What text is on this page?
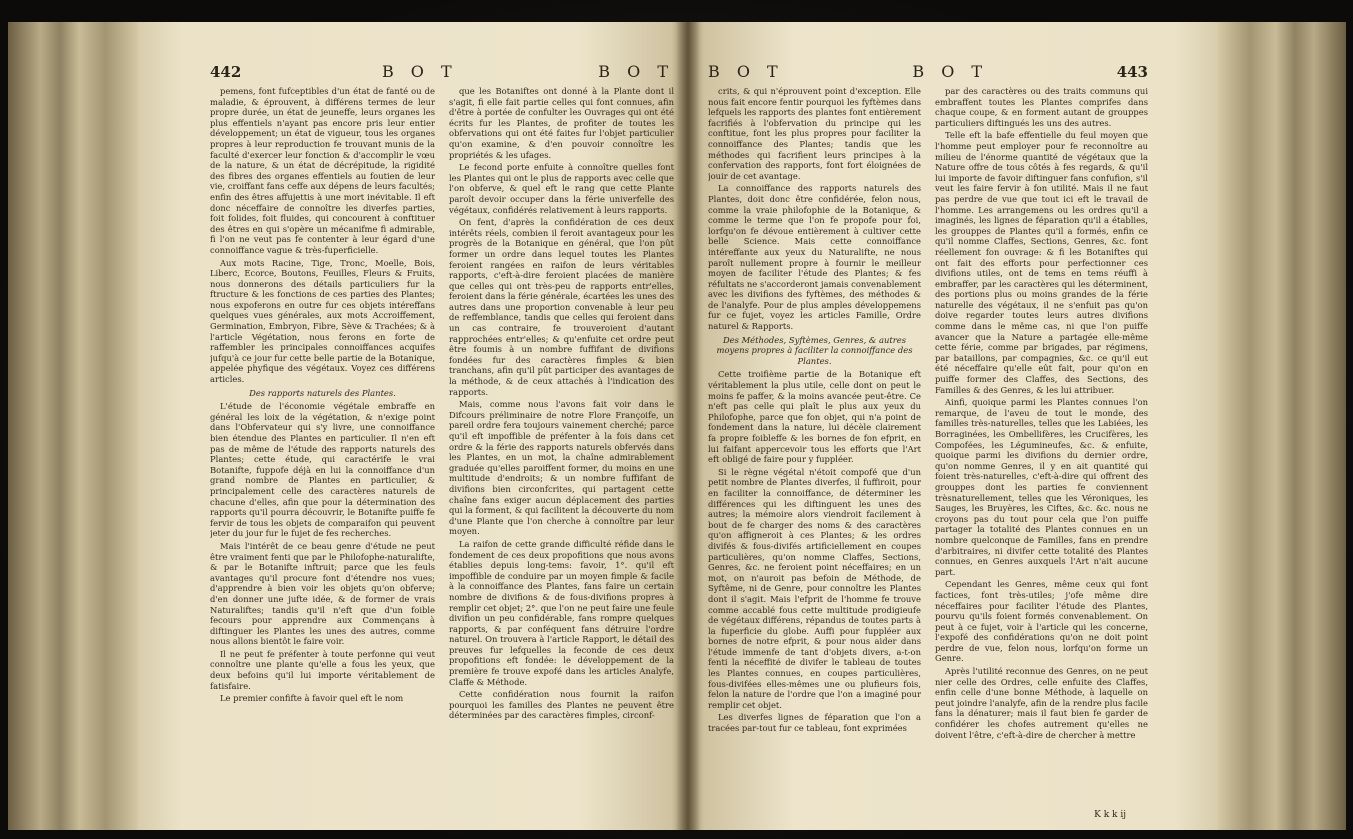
442	B O T	B O T

pemens, font fufceptibles d'un état de fanté ou de maladie, & éprouvent, à différens termes de leur propre durée, un état de jeuneffe, leurs organes les plus effentiels n'ayant pas encore pris leur entier développement; un état de vigueur, tous les organes propres à leur reproduction fe trouvant munis de la faculté d'exercer leur fonction & d'accomplir le vœu de la nature, & un état de décrépitude, la rigidité des fibres des organes effentiels au foutien de leur vie, croiffant fans ceffe aux dépens de leurs facultés; enfin des êtres affujettis à une mort inévitable. Il eft donc néceffaire de connoître les diverfes parties, foit folides, foit fluides, qui concourent à conftituer des êtres en qui s'opère un mécanifme fi admirable, fi l'on ne veut pas fe contenter à leur égard d'une connoiffance vague & très-fuperficielle.

Aux mots Racine, Tige, Tronc, Moelle, Bois, Liberc, Ecorce, Boutons, Feuilles, Fleurs & Fruits, nous donnerons des détails particuliers fur la ftructure & les fonctions de ces parties des Plantes; nous expoferons en outre fur ces objets intéreffans quelques vues générales, aux mots Accroiffement, Germination, Embryon, Fibre, Sève & Trachées; & à l'article Végétation, nous ferons en forte de raffembler les principales connoiffances acquifes jufqu'à ce jour fur cette belle partie de la Botanique, appelée phyfique des végétaux. Voyez ces différens articles.

Des rapports naturels des Plantes.

L'étude de l'économie végétale embraffe en général les loix de la végétation, & n'exige point dans l'Obfervateur qui s'y livre, une connoiffance bien étendue des Plantes en particulier. Il n'en eft pas de même de l'étude des rapports naturels des Plantes; cette étude, qui caractérife le vrai Botanifte, fuppofe déjà en lui la connoiffance d'un grand nombre de Plantes en particulier, & principalement celle des caractères naturels de chacune d'elles, afin que pour la détermination des rapports qu'il pourra découvrir, le Botanifte puiffe fe fervir de tous les objets de comparaifon qui peuvent jeter du jour fur le fujet de fes recherches.

Mais l'intérêt de ce beau genre d'étude ne peut être vraiment fenti que par le Philofophe-naturalifte, & par le Botanifte inftruit; parce que les feuls avantages qu'il procure font d'étendre nos vues; d'apprendre à bien voir les objets qu'on obferve; d'en donner une jufte idée, & de former de vrais Naturaliftes; tandis qu'il n'eft que d'un foible fecours pour apprendre aux Commençans à diftinguer les Plantes les unes des autres, comme nous allons bientôt le faire voir.

Il ne peut fe préfenter à toute perfonne qui veut connoître une plante qu'elle a fous les yeux, que deux befoins qu'il lui importe véritablement de fatisfaire.

Le premier confifte à favoir quel eft le nom

que les Botaniftes ont donné à la Plante dont il s'agit, fi elle fait partie celles qui font connues, afin d'être à portée de confulter les Ouvrages qui ont été écrits fur les Plantes, de profiter de toutes les obfervations qui ont été faites fur l'objet particulier qu'on examine, & d'en pouvoir connoître les propriétés & les ufages.

Le fecond porte enfuite à connoître quelles font les Plantes qui ont le plus de rapports avec celle que l'on obferve, & quel eft le rang que cette Plante paroît devoir occuper dans la férie univerfelle des végétaux, confidérés relativement à leurs rapports.

On fent, d'après la confidération de ces deux intérêts réels, combien il feroit avantageux pour les progrès de la Botanique en général, que l'on pût former un ordre dans lequel toutes les Plantes feroient rangées en raifon de leurs véritables rapports, c'eft-à-dire feroient placées de manière que celles qui ont très-peu de rapports entr'elles, feroient dans la férie générale, écartées les unes des autres dans une proportion convenable à leur peu de reffemblance, tandis que celles qui feroient dans un cas contraire, fe trouveroient d'autant rapprochées entr'elles; & qu'enfuite cet ordre peut être foumis à un nombre fuffifant de divifions fondées fur des caractères fimples & bien tranchans, afin qu'il pût participer des avantages de la méthode, & de ceux attachés à l'indication des rapports.

Mais, comme nous l'avons fait voir dans le Difcours préliminaire de notre Flore Françoife, un pareil ordre fera toujours vainement cherché; parce qu'il eft impoffible de préfenter à la fois dans cet ordre & la férie des rapports naturels obfervés dans les Plantes, en un mot, la chaîne admirablement graduée qu'elles paroiffent former, du moins en une multitude d'endroits; & un nombre fuffifant de divifions bien circonfcrites, qui partagent cette chaîne fans exiger aucun déplacement des parties qui la forment, & qui facilitent la découverte du nom d'une Plante que l'on cherche à connoître par leur moyen.

La raifon de cette grande difficulté réfide dans le fondement de ces deux propofitions que nous avons établies depuis long-tems: favoir, 1°. qu'il eft impoffible de conduire par un moyen fimple & facile à la connoiffance des Plantes, fans faire un certain nombre de divifions & de fous-divifions propres à remplir cet objet; 2°. que l'on ne peut faire une feule divifion un peu confidérable, fans rompre quelques rapports, & par conféquent fans détruire l'ordre naturel. On trouvera à l'article Rapport, le détail des preuves fur lefquelles la feconde de ces deux propofitions eft fondée: le développement de la première fe trouve expofé dans les articles Analyfe, Claffe & Méthode.

Cette confidération nous fournit la raifon pourquoi les familles des Plantes ne peuvent être déterminées par des caractères fimples, circonf-

B O T	B O T	443

crits, & qui n'éprouvent point d'exception. Elle nous fait encore fentir pourquoi les fyftèmes dans lefquels les rapports des plantes font entièrement facrifiés à l'obfervation du principe qui les conftitue, font les plus propres pour faciliter la connoiffance des Plantes; tandis que les méthodes qui facrifient leurs principes à la confervation des rapports, font fort éloignées de jouir de cet avantage.

La connoiffance des rapports naturels des Plantes, doit donc être confidérée, felon nous, comme la vraie philofophie de la Botanique, & comme le terme que l'on fe propofe pour foi, lorfqu'on fe dévoue entièrement à cultiver cette belle Science. Mais cette connoiffance intéreffante aux yeux du Naturalifte, ne nous paroît nullement propre à fournir le meilleur moyen de faciliter l'étude des Plantes; & fes réfultats ne s'accorderont jamais convenablement avec les divifions des fyftèmes, des méthodes & de l'analyfe. Pour de plus amples développemens fur ce fujet, voyez les articles Famille, Ordre naturel & Rapports.

Des Méthodes, Syftèmes, Genres, & autres moyens propres à faciliter la connoiffance des Plantes.

Cette troifième partie de la Botanique eft véritablement la plus utile, celle dont on peut le moins fe paffer, & la moins avancée peut-être. Ce n'eft pas celle qui plaît le plus aux yeux du Philofophe, parce que fon objet, qui n'a point de fondement dans la nature, lui décèle clairement fa propre foibleffe & les bornes de fon efprit, en lui faifant appercevoir tous les efforts que l'Art eft obligé de faire pour y fuppléer.

Si le règne végétal n'étoit compofé que d'un petit nombre de Plantes diverfes, il fuffiroit, pour en faciliter la connoiffance, de déterminer les différences qui les diftinguent les unes des autres; la mémoire alors viendroit facilement à bout de fe charger des noms & des caractères qu'on affigneroit à ces Plantes; & les ordres divifés & fous-divifés artificiellement en coupes particulières, qu'on nomme Claffes, Sections, Genres, &c. ne feroient point néceffaires; en un mot, on n'auroit pas befoin de Méthode, de Syftême, ni de Genre, pour connoître les Plantes dont il s'agit. Mais l'efprit de l'homme fe trouve comme accablé fous cette multitude prodigieufe de végétaux différens, répandus de toutes parts à la fuperficie du globe. Auffi pour fuppléer aux bornes de notre efprit, & pour nous aider dans l'étude immenfe de tant d'objets divers, a-t-on fenti la néceffité de divifer le tableau de toutes les Plantes connues, en coupes particulières, fous-divifées elles-mêmes une ou plufieurs fois, felon la nature de l'ordre que l'on a imaginé pour remplir cet objet.

Les diverfes lignes de féparation que l'on a tracées par-tout fur ce tableau, font exprimées

par des caractères ou des traits communs qui embraffent toutes les Plantes comprifes dans chaque coupe, & en forment autant de grouppes particuliers diftingués les uns des autres.

Telle eft la bafe effentielle du feul moyen que l'homme peut employer pour fe reconnoître au milieu de l'énorme quantité de végétaux que la Nature offre de tous côtés à fes regards, & qu'il lui importe de favoir diftinguer fans confufion, s'il veut les faire fervir à fon utilité. Mais il ne faut pas perdre de vue que tout ici eft le travail de l'homme. Les arrangemens ou les ordres qu'il a imaginés, les lignes de féparation qu'il a établies, les grouppes de Plantes qu'il a formés, enfin ce qu'il nomme Claffes, Sections, Genres, &c. font réellement fon ouvrage: & fi les Botaniftes qui ont fait des efforts pour perfectionner ces divifions utiles, ont de tems en tems réuffi à embraffer, par les caractères qui les déterminent, des portions plus ou moins grandes de la férie naturelle des végétaux, il ne s'enfuit pas qu'on doive regarder toutes leurs autres divifions comme dans le même cas, ni que l'on puiffe avancer que la Nature a partagée elle-même cette férie, comme par brigades, par régimens, par bataillons, par compagnies, &c. ce qu'il eut été néceffaire qu'elle eût fait, pour qu'on en puiffe former des Claffes, des Sections, des Familles & des Genres, & les lui attribuer.

Ainfi, quoique parmi les Plantes connues l'on remarque, de l'aveu de tout le monde, des familles très-naturelles, telles que les Labiées, les Borraginées, les Ombellifères, les Crucifères, les Compofées, les Légumineufes, &c. & enfuite, quoique parmi les divifions du dernier ordre, qu'on nomme Genres, il y en ait quantité qui foient très-naturelles, c'eft-à-dire qui offrent des grouppes dont les parties fe conviennent trèsnaturellement, telles que les Véroniques, les Sauges, les Bruyères, les Ciftes, &c. &c. nous ne croyons pas du tout pour cela que l'on puiffe partager la totalité des Plantes connues en un nombre quelconque de Familles, fans en prendre d'arbitraires, ni divifer cette totalité des Plantes connues, en Genres auxquels l'Art n'ait aucune part.

Cependant les Genres, même ceux qui font factices, font très-utiles; j'ofe même dire néceffaires pour faciliter l'étude des Plantes, pourvu qu'ils foient formés convenablement. On peut à ce fujet, voir à l'article qui les concerne, l'expofé des confidérations qu'on ne doit point perdre de vue, felon nous, lorfqu'on forme un Genre.

Après l'utilité reconnue des Genres, on ne peut nier celle des Ordres, celle enfuite des Claffes, enfin celle d'une bonne Méthode, à laquelle on peut joindre l'analyfe, afin de la rendre plus facile fans la dénaturer; mais il faut bien fe garder de confidérer les chofes autrement qu'elles ne doivent l'être, c'eft-à-dire de chercher à mettre

K k k ij
